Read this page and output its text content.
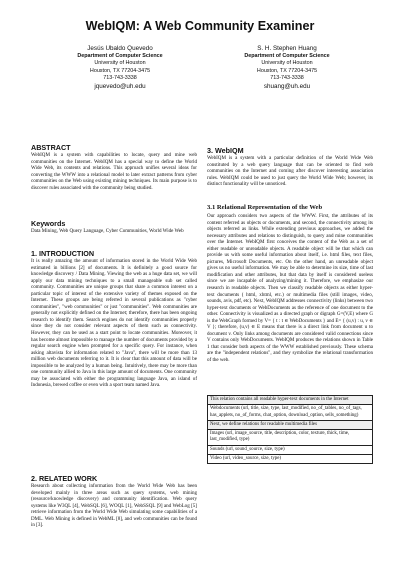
WebIQM: A Web Community Examiner
Jesús Ubaldo Quevedo
Department of Computer Science
University of Houston
Houston, TX 77204-3475
713-743-3338
jquevedo@uh.edu
S. H. Stephen Huang
Department of Computer Science
University of Houston
Houston, TX 77204-3475
713-743-3338
shuang@uh.edu
ABSTRACT
WebIQM is a system with capabilities to locate, query and mine web communities on the Internet. WebIQM has a special way to define the World Wide Web, its contents and relations. This approach unifies several ideas for converting the WWW into a relational model to later extract patterns from cyber communities on the Web using existing mining techniques. Its main purpose is to discover rules associated with the community being studied.
Keywords
Data Mining, Web Query Language, Cyber Communities, World Wide Web
1. INTRODUCTION
It is really amazing the amount of information stored in the World Wide Web estimated in billions [2] of documents. It is definitely a good source for knowledge discovery / Data Mining. Viewing the web as a huge data set, we will apply our data mining techniques to a small manageable sub set called community. Communities are unique groups that share a common interest on a particular topic of interest of the extensive variety of themes exposed on the Internet. These groups are being referred in several publications as "cyber communities", "web communities" or just "communities". Web communities are generally not explicitly defined on the Internet; therefore, there has been ongoing research to identify them. Search engines do not identify communities properly since they do not consider relevant aspects of them such as connectivity. However, they can be used as a start point to locate communities. Moreover, it has become almost impossible to manage the number of documents provided by a regular search engine when prompted for a specific query. For instance, when asking altavista for information related to "Java", there will be more than 13 million web documents referring to it. It is clear that this amount of data will be impossible to be analyzed by a human being. Intuitively, there may be more than one community allied to Java in this large amount of documents. One community may be associated with either the programming language Java, an island of Indonesia, brewed coffee or even with a sport team named Java.
2. RELATED WORK
Research about collecting information from the World Wide Web has been developed mainly in three areas such as query systems, web mining (resource/knowledge discovery) and community identification. Web query systems like W3QL [4], WebSQL [6], WOQL [1], WebSSQL [9] and WebLog [5] retrieve information from the World Wide Web simulating some capabilities of a DML. Web Mining is defined in WebML [8], and web communities can be found in [3].
3. WebIQM
WebIQM is a system with a particular definition of the World Wide Web constituted by a web query language that can be oriented to find web communities on the Internet and coming after discover interesting association rules. WebIQM could be used to just query the World Wide Web; however, its distinct functionality will be unnoticed.
3.1 Relational Representation of the Web
Our approach considers two aspects of the WWW. First, the attributes of its content referred as objects or documents, and second, the connectivity among its objects referred as links. While extending previous approaches, we added the necessary attributes and relations to distinguish, to query and mine communities over the Internet. WebIQM first conceives the content of the Web as a set of either readable or unreadable objects. A readable object will be that which can provide us with some useful information about itself, i.e. html files, text files, pictures, Microsoft Documents, etc. On the other hand, an unreadable object gives us no useful information. We may be able to determine its size, time of last modification and other attributes, but that data by itself is considered useless since we are incapable of analyzing/mining it. Therefore, we emphasize our research in readable objects. Then we classify readable objects as either hyper-text documents ( html, xhtml, etc.) or multimedia files (still images, video, sounds, avis, pdf, etc). Next, WebIQM addresses connectivity (links) between two hyper-text documents or WebDocuments as the reference of one document to the other. Connectivity is visualized as a directed graph or digraph G=(V,E) where G is the WebGraph formed by V= { t : t ∈ WebDocuments } and E= { (u,v) : u, v ∈ V }; therefore, (u,v) ∈ E means that there is a direct link from document u to document v. Only links among documents are considered valid connections since V contains only WebDocuments. WebIQM produces the relations shown in Table 1 that consider both aspects of the WWW established previously. These schema are the "independent relations", and they symbolize the relational transformation of the web.
This relation contains all readable hyper-text documents in the Internet
Webdocuments (url, title, size, type, last_modified, no_of_tables, no_of_tags, has_applets, no_of_forms, chat_option, download_option, sells_something)
Next, we define relations for readable multimedia files
Images (url, image_source, title, description, color, texture, thick, time, last_modified, type)
Sounds (url, sound_source, size, type)
Video (url, video_source, size, type)
